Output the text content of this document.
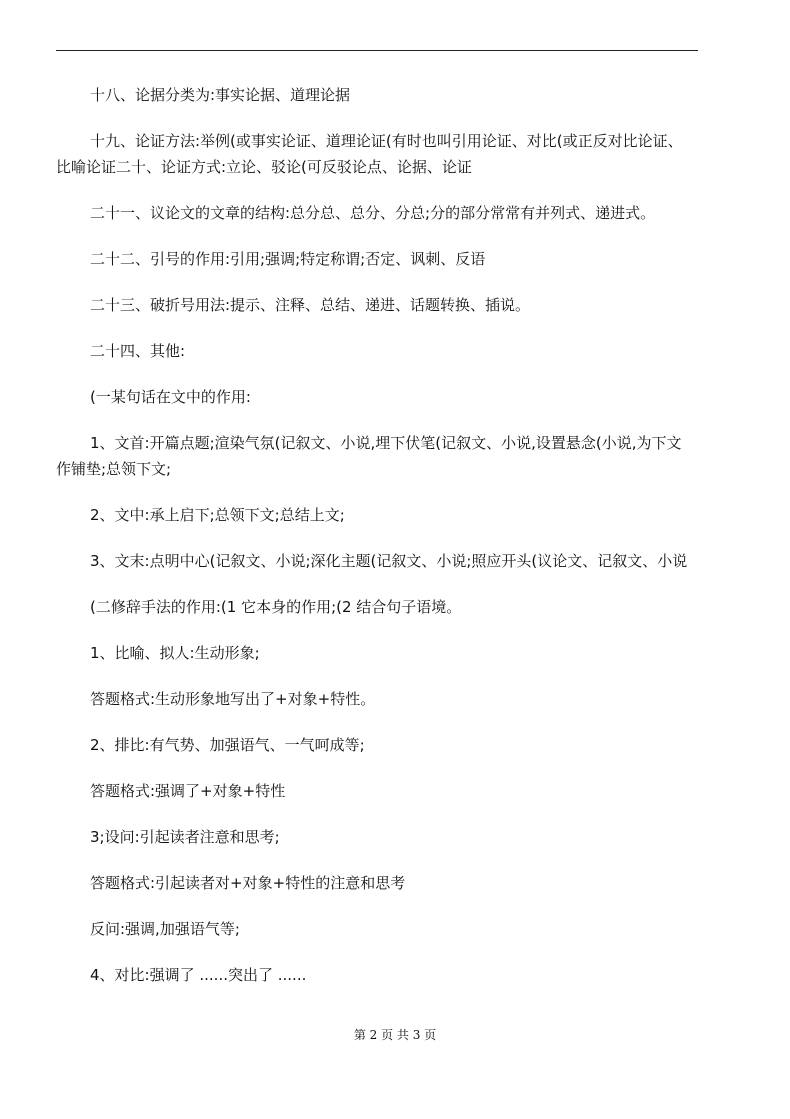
十八、论据分类为:事实论据、道理论据

十九、论证方法:举例(或事实论证、道理论证(有时也叫引用论证、对比(或正反对比论证、比喻论证二十、论证方式:立论、驳论(可反驳论点、论据、论证

二十一、议论文的文章的结构:总分总、总分、分总;分的部分常常有并列式、递进式。

二十二、引号的作用:引用;强调;特定称谓;否定、讽刺、反语

二十三、破折号用法:提示、注释、总结、递进、话题转换、插说。

二十四、其他:

(一某句话在文中的作用:

1、文首:开篇点题;渲染气氛(记叙文、小说,埋下伏笔(记叙文、小说,设置悬念(小说,为下文作铺垫;总领下文;

2、文中:承上启下;总领下文;总结上文;

3、文末:点明中心(记叙文、小说;深化主题(记叙文、小说;照应开头(议论文、记叙文、小说

(二修辞手法的作用:(1 它本身的作用;(2 结合句子语境。

1、比喻、拟人:生动形象;

答题格式:生动形象地写出了+对象+特性。

2、排比:有气势、加强语气、一气呵成等;

答题格式:强调了+对象+特性

3;设问:引起读者注意和思考;

答题格式:引起读者对+对象+特性的注意和思考

反问:强调,加强语气等;

4、对比:强调了 ......突出了 ......

第 2 页 共 3 页
